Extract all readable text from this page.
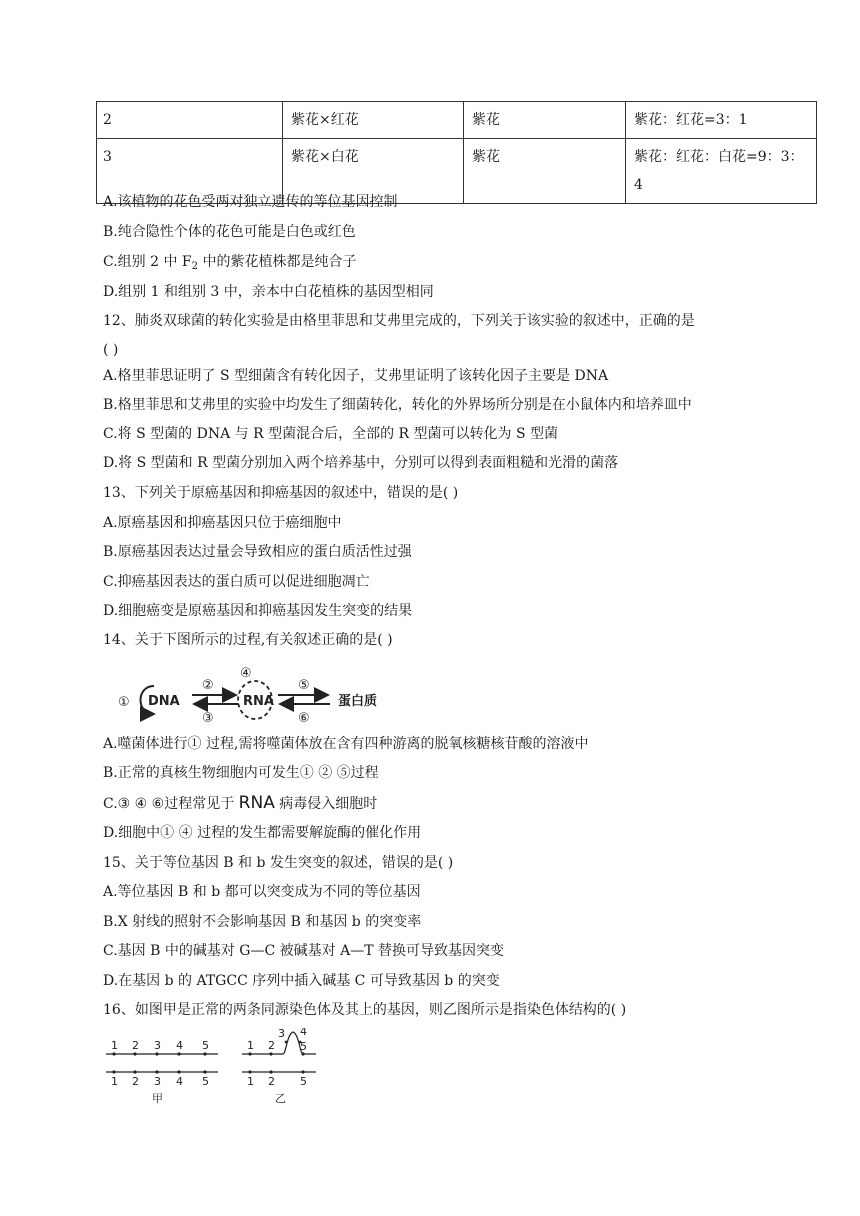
2	紫花×红花	紫花	紫花：红花=3：1
3	紫花×白花	紫花	紫花：红花：白花=9：3：
4
A.该植物的花色受两对独立遗传的等位基因控制
B.纯合隐性个体的花色可能是白色或红色
C.组别 2 中 $F_2$ 中的紫花植株都是纯合子
D.组别 1 和组别 3 中，亲本中白花植株的基因型相同
12、肺炎双球菌的转化实验是由格里菲思和艾弗里完成的，下列关于该实验的叙述中，正确的是
( )
A.格里菲思证明了 S 型细菌含有转化因子，艾弗里证明了该转化因子主要是 DNA
B.格里菲思和艾弗里的实验中均发生了细菌转化，转化的外界场所分别是在小鼠体内和培养皿中
C.将 S 型菌的 DNA 与 R 型菌混合后，全部的 R 型菌可以转化为 S 型菌
D.将 S 型菌和 R 型菌分别加入两个培养基中，分别可以得到表面粗糙和光滑的菌落
13、下列关于原癌基因和抑癌基因的叙述中，错误的是( )
A.原癌基因和抑癌基因只位于癌细胞中
B.原癌基因表达过量会导致相应的蛋白质活性过强
C.抑癌基因表达的蛋白质可以促进细胞凋亡
D.细胞癌变是原癌基因和抑癌基因发生突变的结果
14、关于下图所示的过程,有关叙述正确的是( )
① DNA
②
③
④
RNA
⑤
⑥
蛋白质
A.噬菌体进行① 过程,需将噬菌体放在含有四种游离的脱氧核糖核苷酸的溶液中
B.正常的真核生物细胞内可发生① ② ⑤过程
C.③ ④ ⑥过程常见于 RNA 病毒侵入细胞时
D.细胞中① ④ 过程的发生都需要解旋酶的催化作用
15、关于等位基因 B 和 b 发生突变的叙述，错误的是( )
A.等位基因 B 和 b 都可以突变成为不同的等位基因
B.X 射线的照射不会影响基因 B 和基因 b 的突变率
C.基因 B 中的碱基对 G—C 被碱基对 A—T 替换可导致基因突变
D.在基因 b 的 ATGCC 序列中插入碱基 C 可导致基因 b 的突变
16、如图甲是正常的两条同源染色体及其上的基因，则乙图所示是指染色体结构的( )
1 2 3 4 5
1 2 3 4 5
甲
1 2
3 4
5
1 2 5
乙
